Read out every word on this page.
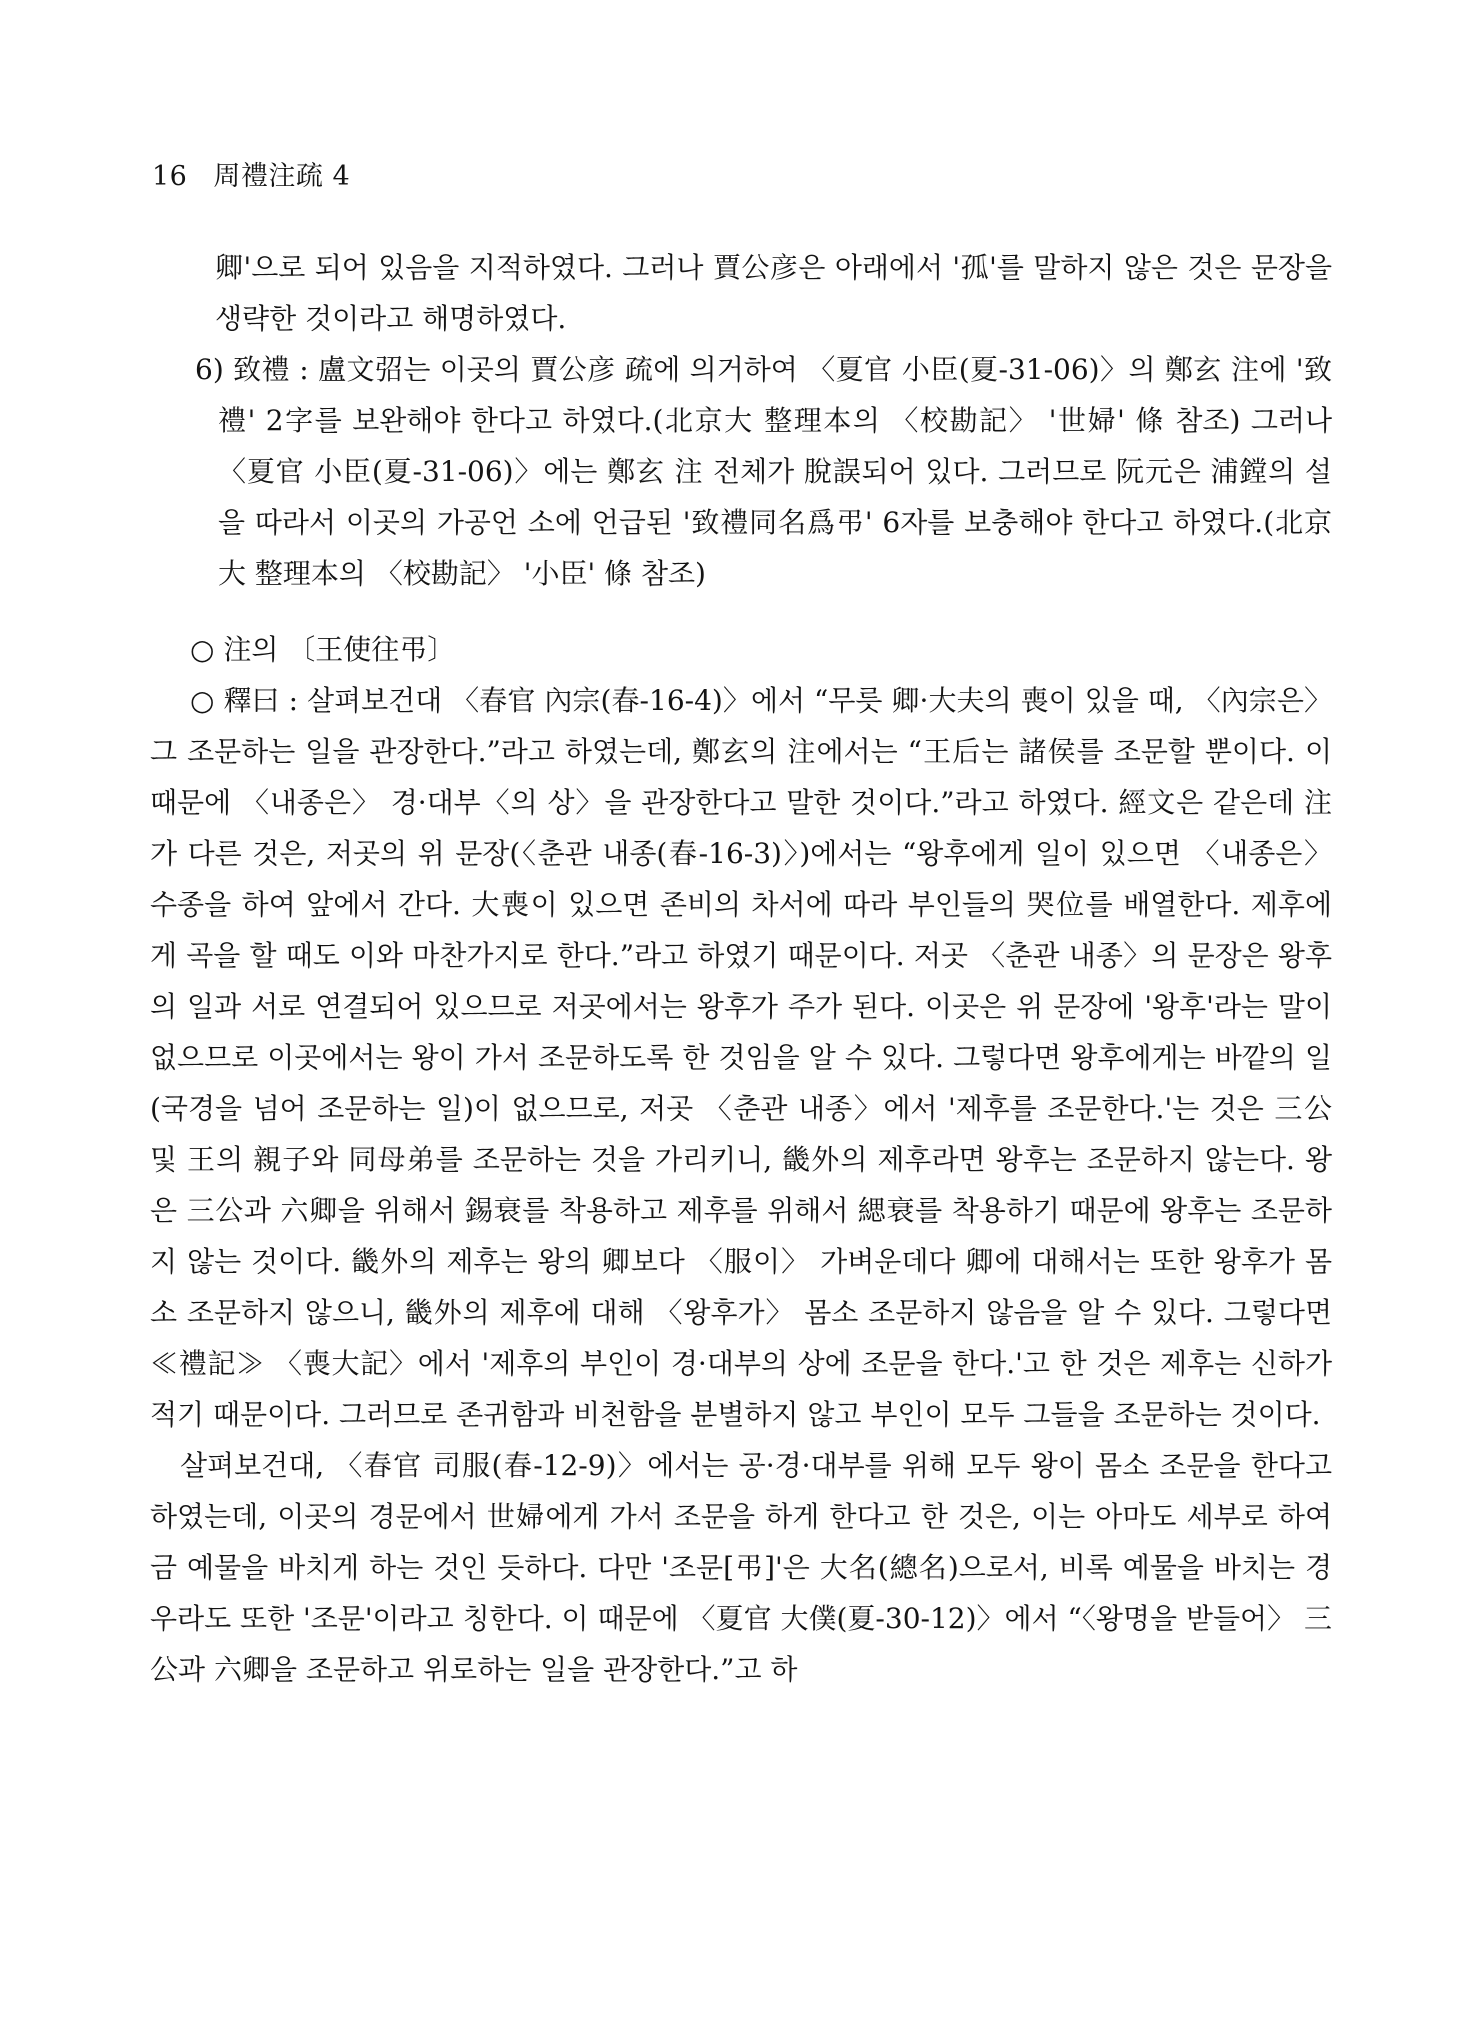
16 周禮注疏 4

卿'으로 되어 있음을 지적하였다. 그러나 賈公彦은 아래에서 '孤'를 말하지 않은 것은 문장을 생략한 것이라고 해명하였다.

6) 致禮 : 盧文弨는 이곳의 賈公彦 疏에 의거하여 〈夏官 小臣(夏-31-06)〉의 鄭玄 注에 '致禮' 2字를 보완해야 한다고 하였다.(北京大 整理本의 〈校勘記〉 '世婦' 條 참조) 그러나 〈夏官 小臣(夏-31-06)〉에는 鄭玄 注 전체가 脫誤되어 있다. 그러므로 阮元은 浦鏜의 설을 따라서 이곳의 가공언 소에 언급된 '致禮同名爲弔' 6자를 보충해야 한다고 하였다.(北京大 整理本의 〈校勘記〉 '小臣' 條 참조)

○ 注의 〔王使往弔〕

○ 釋曰 : 살펴보건대 〈春官 內宗(春-16-4)〉에서 “무릇 卿·大夫의 喪이 있을 때, 〈內宗은〉 그 조문하는 일을 관장한다.”라고 하였는데, 鄭玄의 注에서는 “王后는 諸侯를 조문할 뿐이다. 이 때문에 〈내종은〉 경·대부〈의 상〉을 관장한다고 말한 것이다.”라고 하였다. 經文은 같은데 注가 다른 것은, 저곳의 위 문장(〈춘관 내종(春-16-3)〉)에서는 “왕후에게 일이 있으면 〈내종은〉 수종을 하여 앞에서 간다. 大喪이 있으면 존비의 차서에 따라 부인들의 哭位를 배열한다. 제후에게 곡을 할 때도 이와 마찬가지로 한다.”라고 하였기 때문이다. 저곳 〈춘관 내종〉의 문장은 왕후의 일과 서로 연결되어 있으므로 저곳에서는 왕후가 주가 된다. 이곳은 위 문장에 '왕후'라는 말이 없으므로 이곳에서는 왕이 가서 조문하도록 한 것임을 알 수 있다. 그렇다면 왕후에게는 바깥의 일(국경을 넘어 조문하는 일)이 없으므로, 저곳 〈춘관 내종〉에서 '제후를 조문한다.'는 것은 三公 및 王의 親子와 同母弟를 조문하는 것을 가리키니, 畿外의 제후라면 왕후는 조문하지 않는다. 왕은 三公과 六卿을 위해서 錫衰를 착용하고 제후를 위해서 緦衰를 착용하기 때문에 왕후는 조문하지 않는 것이다. 畿外의 제후는 왕의 卿보다 〈服이〉 가벼운데다 卿에 대해서는 또한 왕후가 몸소 조문하지 않으니, 畿外의 제후에 대해 〈왕후가〉 몸소 조문하지 않음을 알 수 있다. 그렇다면 ≪禮記≫ 〈喪大記〉에서 '제후의 부인이 경·대부의 상에 조문을 한다.'고 한 것은 제후는 신하가 적기 때문이다. 그러므로 존귀함과 비천함을 분별하지 않고 부인이 모두 그들을 조문하는 것이다.

살펴보건대, 〈春官 司服(春-12-9)〉에서는 공·경·대부를 위해 모두 왕이 몸소 조문을 한다고 하였는데, 이곳의 경문에서 世婦에게 가서 조문을 하게 한다고 한 것은, 이는 아마도 세부로 하여금 예물을 바치게 하는 것인 듯하다. 다만 '조문[弔]'은 大名(總名)으로서, 비록 예물을 바치는 경우라도 또한 '조문'이라고 칭한다. 이 때문에 〈夏官 大僕(夏-30-12)〉에서 “〈왕명을 받들어〉 三公과 六卿을 조문하고 위로하는 일을 관장한다.”고 하
